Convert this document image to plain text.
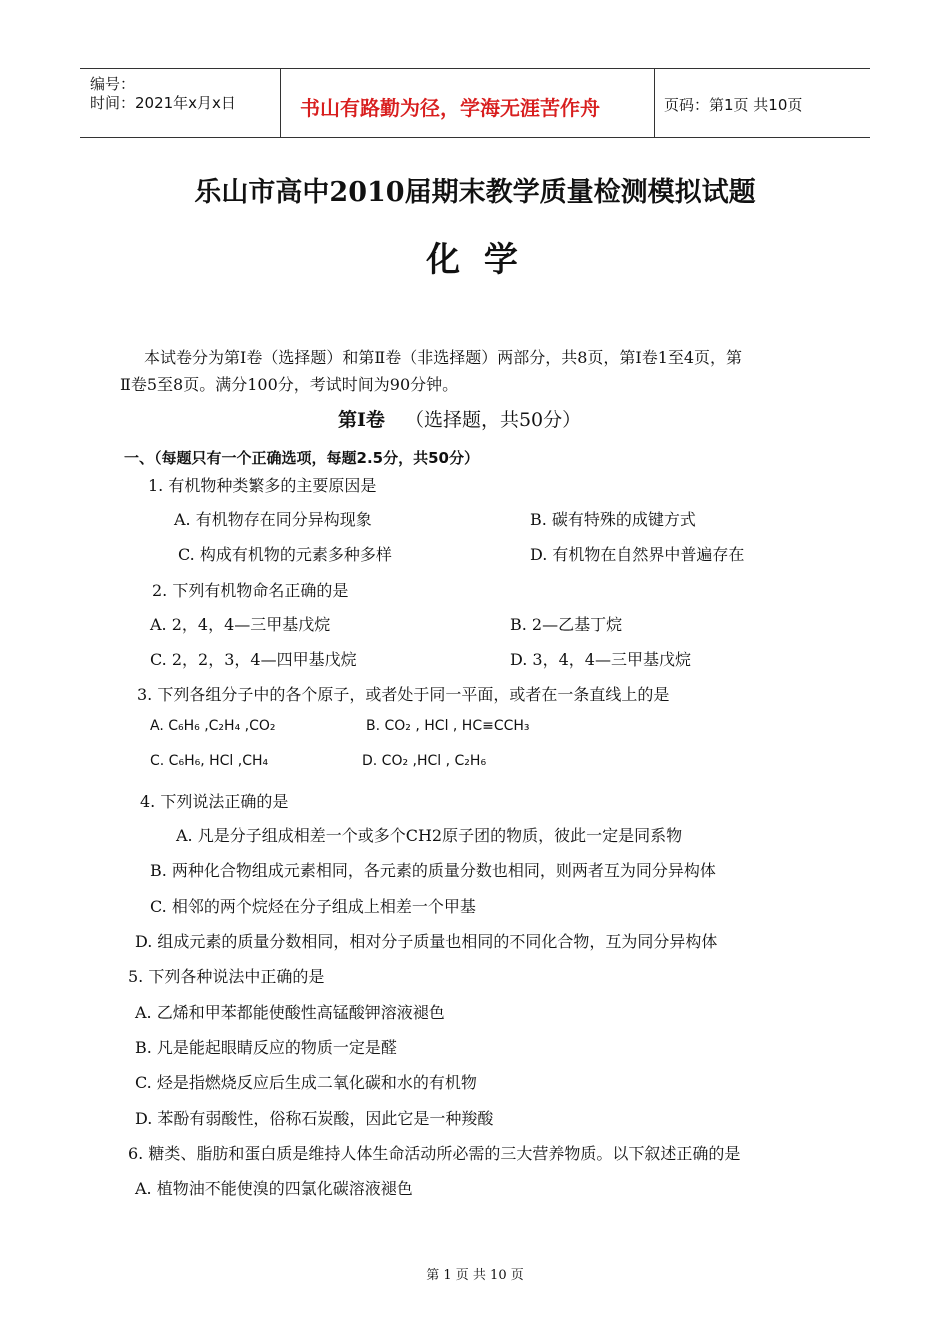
编号：
时间：2021年x月x日	书山有路勤为径，学海无涯苦作舟	页码：第1页 共10页
乐山市高中2010届期末教学质量检测模拟试题
化 学
本试卷分为第Ⅰ卷（选择题）和第Ⅱ卷（非选择题）两部分，共8页，第Ⅰ卷1至4页，第
Ⅱ卷5至8页。满分100分，考试时间为90分钟。
第Ⅰ卷 （选择题，共50分）
一、（每题只有一个正确选项，每题2.5分，共50分）
1. 有机物种类繁多的主要原因是
A. 有机物存在同分异构现象	B. 碳有特殊的成键方式
C. 构成有机物的元素多种多样	D. 有机物在自然界中普遍存在
2. 下列有机物命名正确的是
A. 2，4，4—三甲基戊烷	B. 2—乙基丁烷
C. 2，2，3，4—四甲基戊烷	D. 3，4，4—三甲基戊烷
3. 下列各组分子中的各个原子，或者处于同一平面，或者在一条直线上的是
A. C₆H₆ ,C₂H₄ ,CO₂	B. CO₂ , HCl , HC≡CCH₃
C. C₆H₆, HCl ,CH₄	D. CO₂ ,HCl , C₂H₆
4. 下列说法正确的是
A. 凡是分子组成相差一个或多个CH2原子团的物质，彼此一定是同系物
B. 两种化合物组成元素相同，各元素的质量分数也相同，则两者互为同分异构体
C. 相邻的两个烷烃在分子组成上相差一个甲基
D. 组成元素的质量分数相同，相对分子质量也相同的不同化合物，互为同分异构体
5. 下列各种说法中正确的是
A. 乙烯和甲苯都能使酸性高锰酸钾溶液褪色
B. 凡是能起眼睛反应的物质一定是醛
C. 烃是指燃烧反应后生成二氧化碳和水的有机物
D. 苯酚有弱酸性，俗称石炭酸，因此它是一种羧酸
6. 糖类、脂肪和蛋白质是维持人体生命活动所必需的三大营养物质。以下叙述正确的是
A. 植物油不能使溴的四氯化碳溶液褪色
第 1 页 共 10 页
